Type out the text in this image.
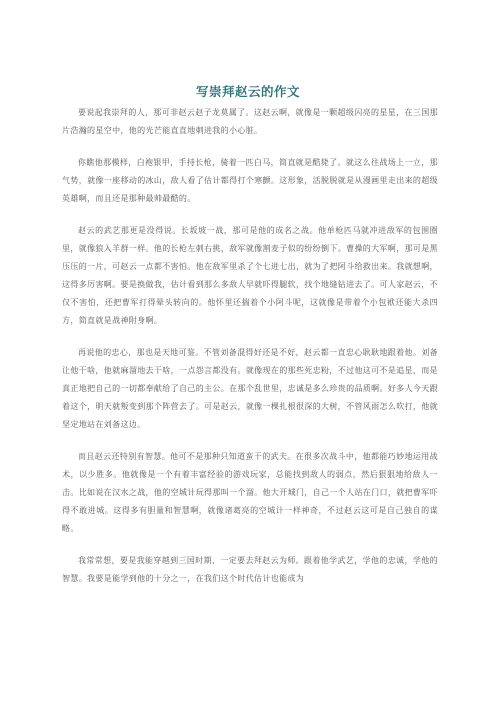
写崇拜赵云的作文

要说起我崇拜的人，那可非赵云赵子龙莫属了。这赵云啊，就像是一颗超级闪亮的星星，在三国那片浩瀚的星空中，他的光芒能直直地刺进我的小心脏。

你瞧他那模样，白袍银甲，手持长枪，骑着一匹白马，简直就是酷毙了。就这么往战场上一立，那气势，就像一座移动的冰山，敌人看了估计都得打个寒颤。这形象，活脱脱就是从漫画里走出来的超级英雄啊，而且还是那种最帅最酷的。

赵云的武艺那更是没得说。长坂坡一战，那可是他的成名之战。他单枪匹马就冲进敌军的包围圈里，就像狼入羊群一样。他的长枪左刺右挑，敌军就像割麦子似的纷纷倒下。曹操的大军啊，那可是黑压压的一片，可赵云一点都不害怕。他在敌军里杀了个七进七出，就为了把阿斗给救出来。我就想啊，这得多厉害啊。要是换做我，估计看到那么多敌人早就吓得腿软，找个地缝钻进去了。可人家赵云，不仅不害怕，还把曹军打得晕头转向的。他怀里还揣着个小阿斗呢，这就像是带着个小包袱还能大杀四方，简直就是战神附身啊。

再说他的忠心，那也是天地可鉴。不管刘备混得好还是不好，赵云都一直忠心耿耿地跟着他。刘备让他干啥，他就麻溜地去干啥，一点怨言都没有。就像现在的那些死忠粉，不过他这可不是追星，而是真正地把自己的一切都奉献给了自己的主公。在那个乱世里，忠诚是多么珍贵的品质啊。好多人今天跟着这个，明天就叛变到那个阵营去了。可是赵云，就像一棵扎根很深的大树，不管风雨怎么吹打，他就坚定地站在刘备这边。

而且赵云还特别有智慧。他可不是那种只知道蛮干的武夫。在很多次战斗中，他都能巧妙地运用战术，以少胜多。他就像是一个有着丰富经验的游戏玩家，总能找到敌人的弱点，然后狠狠地给敌人一击。比如说在汉水之战，他的空城计玩得那叫一个溜。他大开城门，自己一个人站在门口，就把曹军吓得不敢进城。这得多有胆量和智慧啊，就像诸葛亮的空城计一样神奇，不过赵云这可是自己独自的谋略。

我常常想，要是我能穿越到三国时期，一定要去拜赵云为师。跟着他学武艺，学他的忠诚，学他的智慧。我要是能学到他的十分之一，在我们这个时代估计也能成为
